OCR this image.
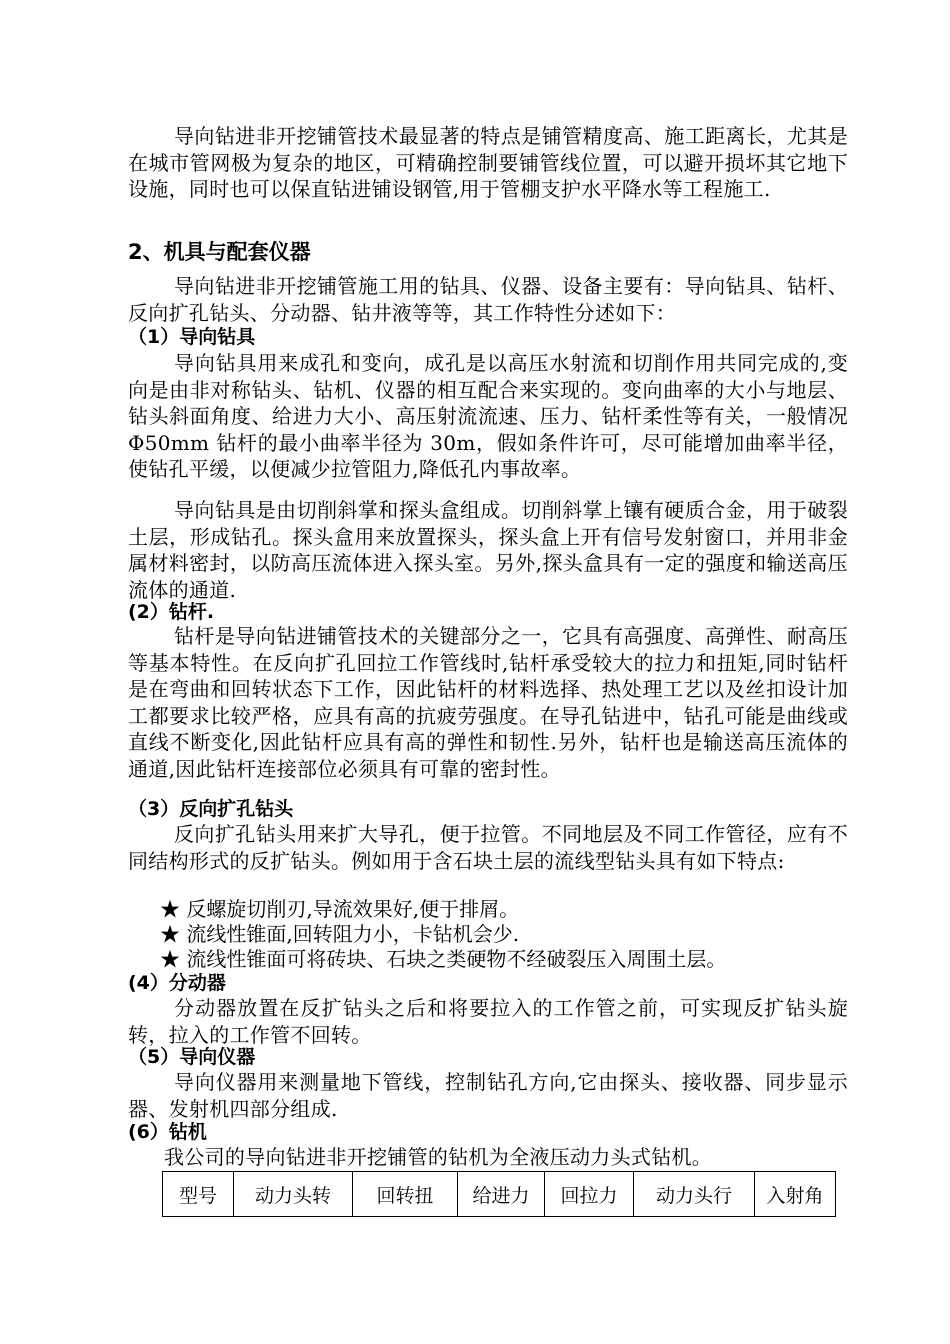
导向钻进非开挖铺管技术最显著的特点是铺管精度高、施工距离长，尤其是在城市管网极为复杂的地区，可精确控制要铺管线位置，可以避开损坏其它地下设施，同时也可以保直钻进铺设钢管,用于管棚支护水平降水等工程施工.

2、机具与配套仪器

导向钻进非开挖铺管施工用的钻具、仪器、设备主要有：导向钻具、钻杆、反向扩孔钻头、分动器、钻井液等等，其工作特性分述如下：

（1）导向钻具

导向钻具用来成孔和变向，成孔是以高压水射流和切削作用共同完成的,变向是由非对称钻头、钻机、仪器的相互配合来实现的。变向曲率的大小与地层、钻头斜面角度、给进力大小、高压射流流速、压力、钻杆柔性等有关，一般情况 Φ50mm 钻杆的最小曲率半径为 30m，假如条件许可，尽可能增加曲率半径，使钻孔平缓，以便减少拉管阻力,降低孔内事故率。

导向钻具是由切削斜掌和探头盒组成。切削斜掌上镶有硬质合金，用于破裂土层，形成钻孔。探头盒用来放置探头，探头盒上开有信号发射窗口，并用非金属材料密封，以防高压流体进入探头室。另外,探头盒具有一定的强度和输送高压流体的通道.

(2）钻杆.

钻杆是导向钻进铺管技术的关键部分之一，它具有高强度、高弹性、耐高压等基本特性。在反向扩孔回拉工作管线时,钻杆承受较大的拉力和扭矩,同时钻杆是在弯曲和回转状态下工作，因此钻杆的材料选择、热处理工艺以及丝扣设计加工都要求比较严格，应具有高的抗疲劳强度。在导孔钻进中，钻孔可能是曲线或直线不断变化,因此钻杆应具有高的弹性和韧性.另外，钻杆也是输送高压流体的通道,因此钻杆连接部位必须具有可靠的密封性。

（3）反向扩孔钻头

反向扩孔钻头用来扩大导孔，便于拉管。不同地层及不同工作管径，应有不同结构形式的反扩钻头。例如用于含石块土层的流线型钻头具有如下特点:

★ 反螺旋切削刃,导流效果好,便于排屑。

★ 流线性锥面,回转阻力小，卡钻机会少.

★ 流线性锥面可将砖块、石块之类硬物不经破裂压入周围土层。

(4）分动器

分动器放置在反扩钻头之后和将要拉入的工作管之前，可实现反扩钻头旋转，拉入的工作管不回转。

（5）导向仪器

导向仪器用来测量地下管线，控制钻孔方向,它由探头、接收器、同步显示器、发射机四部分组成.

(6）钻机

我公司的导向钻进非开挖铺管的钻机为全液压动力头式钻机。

型号	动力头转	回转扭	给进力	回拉力	动力头行	入射角
